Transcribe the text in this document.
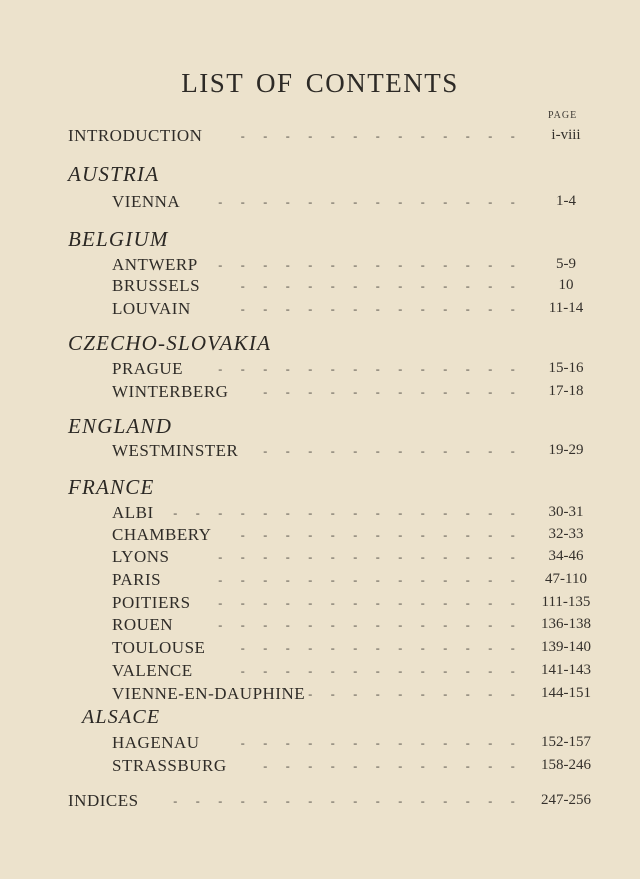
LIST OF CONTENTS
PAGE
INTRODUCTION	-	-	-	-	-	-	-	-	-	-	-	-	-	i-viii
AUSTRIA
VIENNA	-	-	-	-	-	-	-	-	-	-	-	-	-	-	1-4
BELGIUM
ANTWERP	-	-	-	-	-	-	-	-	-	-	-	-	-	-	5-9
BRUSSELS	-	-	-	-	-	-	-	-	-	-	-	-	-	10
LOUVAIN	-	-	-	-	-	-	-	-	-	-	-	-	-	11-14
CZECHO-SLOVAKIA
PRAGUE	-	-	-	-	-	-	-	-	-	-	-	-	-	-	15-16
WINTERBERG	-	-	-	-	-	-	-	-	-	-	-	-	17-18
ENGLAND
WESTMINSTER	-	-	-	-	-	-	-	-	-	-	-	-	19-29
FRANCE
ALBI	-	-	-	-	-	-	-	-	-	-	-	-	-	-	-	-	30-31
CHAMBERY	-	-	-	-	-	-	-	-	-	-	-	-	-	32-33
LYONS	-	-	-	-	-	-	-	-	-	-	-	-	-	-	34-46
PARIS	-	-	-	-	-	-	-	-	-	-	-	-	-	-	47-110
POITIERS	-	-	-	-	-	-	-	-	-	-	-	-	-	-	111-135
ROUEN	-	-	-	-	-	-	-	-	-	-	-	-	-	-	136-138
TOULOUSE	-	-	-	-	-	-	-	-	-	-	-	-	-	139-140
VALENCE	-	-	-	-	-	-	-	-	-	-	-	-	-	141-143
VIENNE-EN-DAUPHINE -	-	-	-	-	-	-	-	-	-	144-151
ALSACE
HAGENAU	-	-	-	-	-	-	-	-	-	-	-	-	-	152-157
STRASSBURG	-	-	-	-	-	-	-	-	-	-	-	-	158-246
INDICES	-	-	-	-	-	-	-	-	-	-	-	-	-	-	-	-	247-256
